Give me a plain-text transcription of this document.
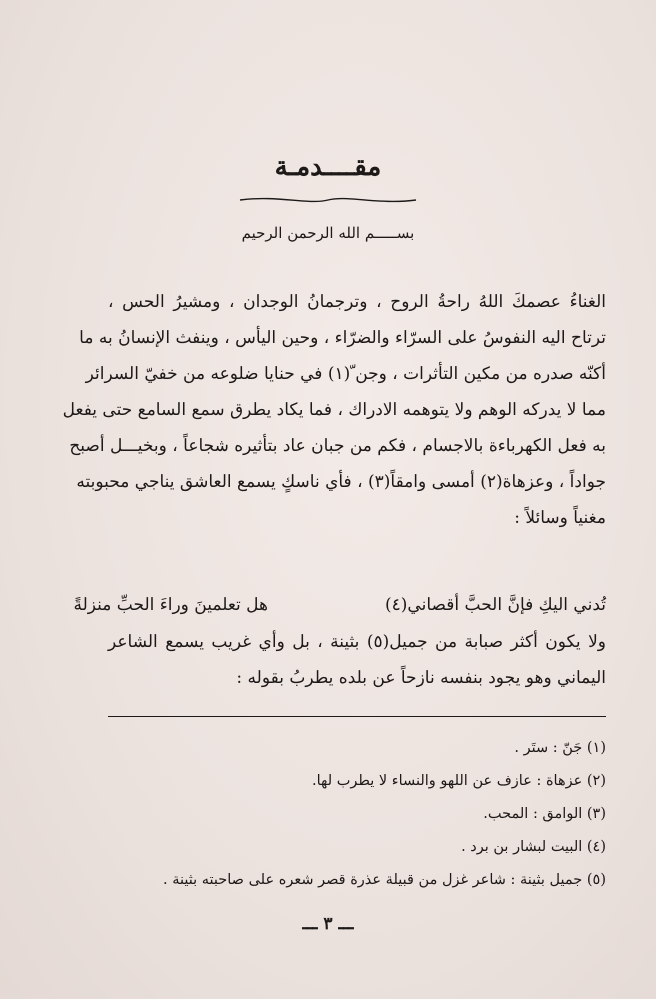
مقــــدمـة
بســـــم الله الرحمن الرحيم
الغناءُ عصمكَ اللهُ راحةُ الروح ، وترجمانُ الوجدان ، ومشيرُ الحس ،
ترتاح اليه النفوسُ على السرّاء والضرّاء ، وحين اليأس ، وينفث الإنسانُ به ما
أكنّه صدره من مكين التأثرات ، وجن ّ(١) في حنايا ضلوعه من خفيّ السرائر
مما لا يدركه الوهم ولا يتوهمه الادراك ، فما يكاد يطرق سمع السامع حتى يفعل
به فعل الكهرباءة بالاجسام ، فكم من جبان عاد بتأثيره شجاعاً ، وبخيـــل أصبح
جواداً ، وعزهاة(٢) أمسى وامقاً(٣) ، فأي ناسكٍ يسمع العاشق يناجي محبوبته
مغنياً وسائلاً :
هل تعلمينَ وراءَ الحبِّ منزلةً	تُدني اليكِ فإنَّ الحبَّ أقصاني(٤)
ولا يكون أكثر صبابة من جميل(٥) بثينة ، بل وأي غريب يسمع الشاعر
اليماني وهو يجود بنفسه نازحاً عن بلده يطربُ بقوله :
(١) جَنّ : ستَر .
(٢) عزهاة : عازف عن اللهو والنساء لا يطرب لها.
(٣) الوامق : المحب.
(٤) البيت لبشار بن برد .
(٥) جميل بثينة : شاعر غزل من قبيلة عذرة قصر شعره على صاحبته بثينة .
ـــ ٣ ـــ
